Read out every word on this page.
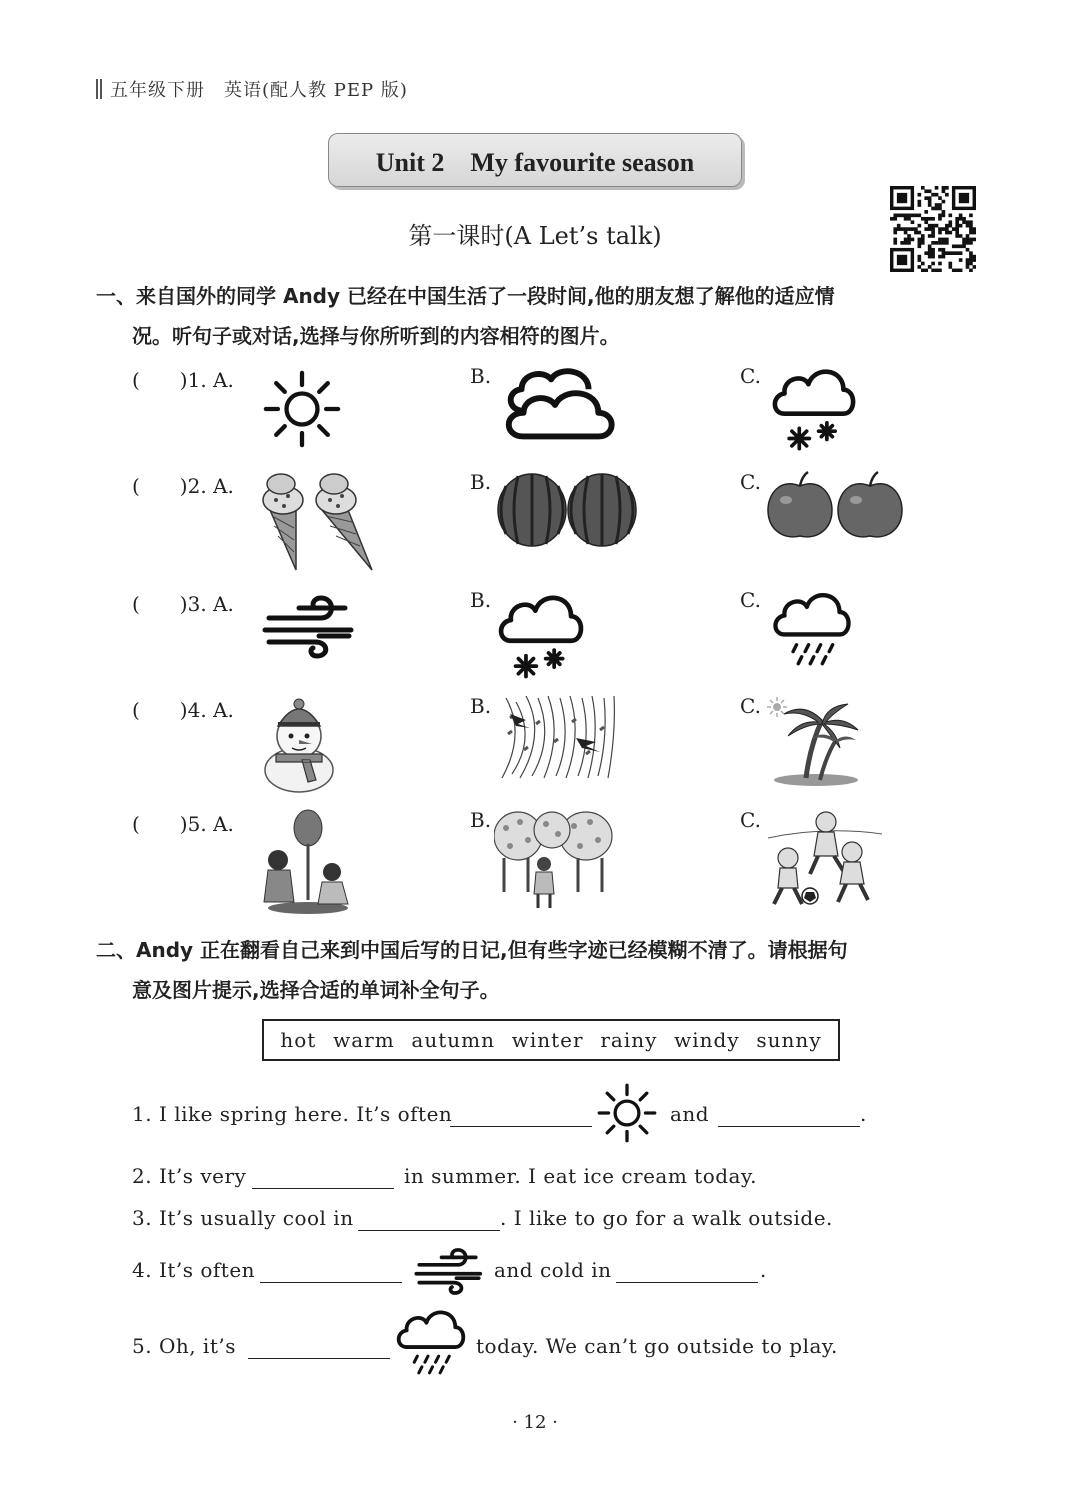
五年级下册　英语(配人教 PEP 版)
Unit 2　My favourite season
第一课时(A Let’s talk)
一、来自国外的同学 Andy 已经在中国生活了一段时间,他的朋友想了解他的适应情
况。听句子或对话,选择与你所听到的内容相符的图片。
(　　)1. A.	B.	C.
(　　)2. A.	B.	C.
(　　)3. A.	B.	C.
(　　)4. A.	B.	C.
(　　)5. A.	B.	C.
二、Andy 正在翻看自己来到中国后写的日记,但有些字迹已经模糊不清了。请根据句
意及图片提示,选择合适的单词补全句子。
hot warm autumn winter rainy windy sunny
1. I like spring here. It’s often	and	.
2. It’s very	in summer. I eat ice cream today.
3. It’s usually cool in	. I like to go for a walk outside.
4. It’s often	and cold in	.
5. Oh, it’s	today. We can’t go outside to play.
· 12 ·
